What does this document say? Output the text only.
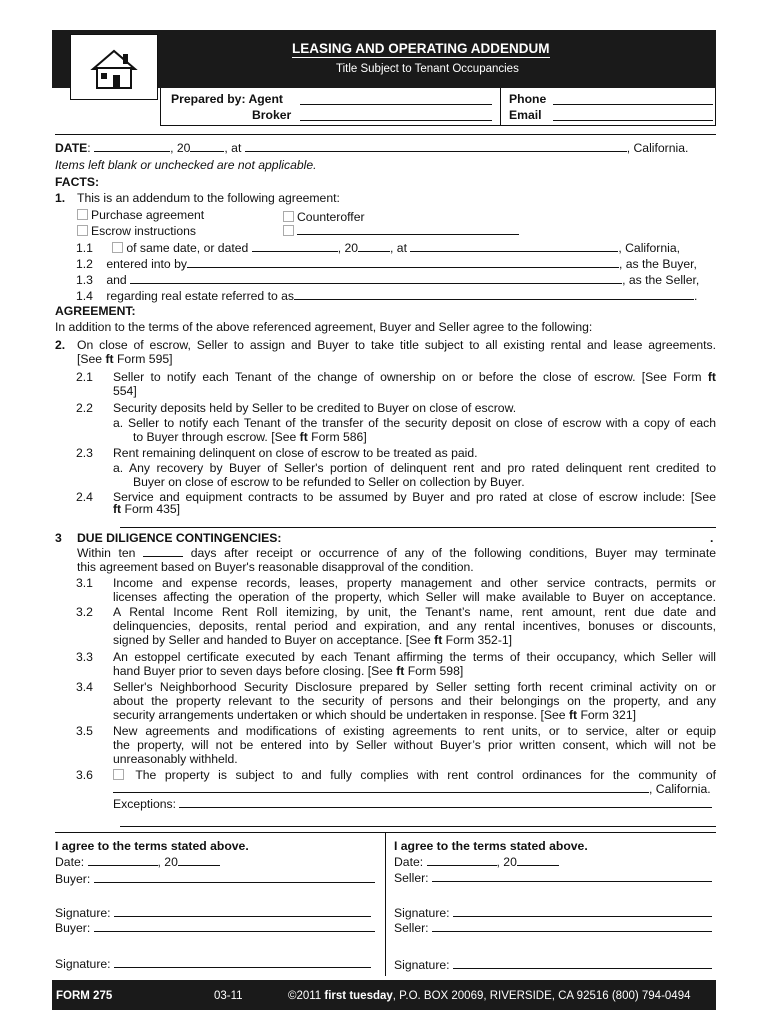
LEASING AND OPERATING ADDENDUM
Title Subject to Tenant Occupancies
Prepared by: Agent
Broker
Phone
Email
DATE:	, 20	, at	, California.
Items left blank or unchecked are not applicable.
FACTS:
1. This is an addendum to the following agreement:
Purchase agreement	Counteroffer
Escrow instructions
1.1	of same date, or dated	, 20	, at	, California,
1.2 entered into by	, as the Buyer,
1.3 and	, as the Seller,
1.4 regarding real estate referred to as	.
AGREEMENT:
In addition to the terms of the above referenced agreement, Buyer and Seller agree to the following:
2. On close of escrow, Seller to assign and Buyer to take title subject to all existing rental and lease agreements.
[See ft Form 595]
2.1 Seller to notify each Tenant of the change of ownership on or before the close of escrow. [See Form ft
554]
2.2 Security deposits held by Seller to be credited to Buyer on close of escrow.
a. Seller to notify each Tenant of the transfer of the security deposit on close of escrow with a copy of each
to Buyer through escrow. [See ft Form 586]
2.3 Rent remaining delinquent on close of escrow to be treated as paid.
a. Any recovery by Buyer of Seller's portion of delinquent rent and pro rated delinquent rent credited to
Buyer on close of escrow to be refunded to Seller on collection by Buyer.
2.4 Service and equipment contracts to be assumed by Buyer and pro rated at close of escrow include: [See
ft Form 435]
3 DUE DILIGENCE CONTINGENCIES:	.
Within ten	days after receipt or occurrence of any of the following conditions, Buyer may terminate
this agreement based on Buyer's reasonable disapproval of the condition.
3.1 Income and expense records, leases, property management and other service contracts, permits or
licenses affecting the operation of the property, which Seller will make available to Buyer on acceptance.
3.2 A Rental Income Rent Roll itemizing, by unit, the Tenant’s name, rent amount, rent due date and
delinquencies, deposits, rental period and expiration, and any rental incentives, bonuses or discounts,
signed by Seller and handed to Buyer on acceptance. [See ft Form 352-1]
3.3 An estoppel certificate executed by each Tenant affirming the terms of their occupancy, which Seller will
hand Buyer prior to seven days before closing. [See ft Form 598]
3.4 Seller's Neighborhood Security Disclosure prepared by Seller setting forth recent criminal activity on or
about the property relevant to the security of persons and their belongings on the property, and any
security arrangements undertaken or which should be undertaken in response. [See ft Form 321]
3.5 New agreements and modifications of existing agreements to rent units, or to service, alter or equip
the property, will not be entered into by Seller without Buyer’s prior written consent, which will not be
unreasonably withheld.
3.6	The property is subject to and fully complies with rent control ordinances for the community of
, California.
Exceptions:
I agree to the terms stated above.
Date:	, 20
Buyer:
Signature:
Buyer:
Signature:
I agree to the terms stated above.
Date:	, 20
Seller:
Signature:
Seller:
Signature:
FORM 275	03-11	©2011 first tuesday, P.O. BOX 20069, RIVERSIDE, CA 92516 (800) 794-0494
